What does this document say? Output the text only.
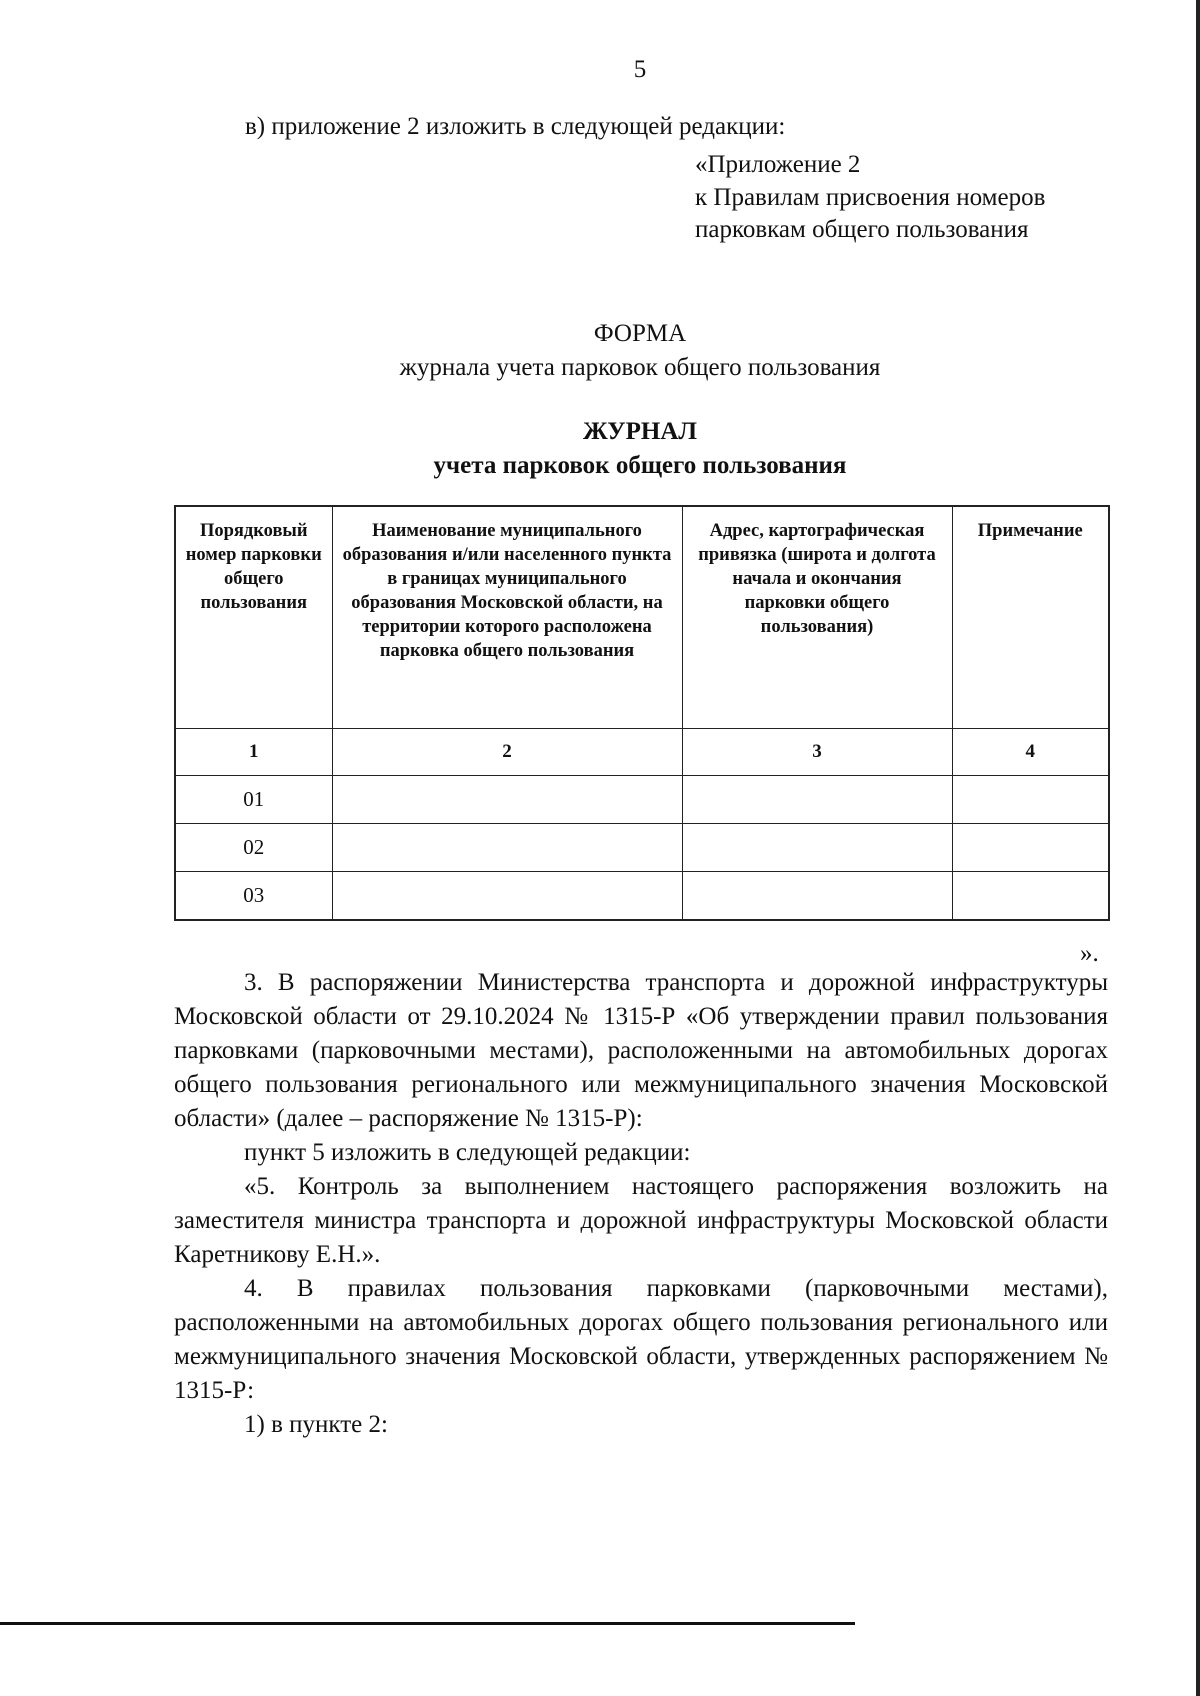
5
в) приложение 2 изложить в следующей редакции:
«Приложение 2
к Правилам присвоения номеров
парковкам общего пользования
ФОРМА
журнала учета парковок общего пользования
ЖУРНАЛ
учета парковок общего пользования
Порядковый номер парковки общего пользования	Наименование муниципального образования и/или населенного пункта в границах муниципального образования Московской области, на территории которого расположена парковка общего пользования	Адрес, картографическая привязка (широта и долгота начала и окончания парковки общего пользования)	Примечание
1	2	3	4
01			
02			
03			
».

3. В распоряжении Министерства транспорта и дорожной инфраструктуры Московской области от 29.10.2024 № 1315-Р «Об утверждении правил пользования парковками (парковочными местами), расположенными на автомобильных дорогах общего пользования регионального или межмуниципального значения Московской области» (далее – распоряжение № 1315-Р):

пункт 5 изложить в следующей редакции:

«5. Контроль за выполнением настоящего распоряжения возложить на заместителя министра транспорта и дорожной инфраструктуры Московской области Каретникову Е.Н.».

4. В правилах пользования парковками (парковочными местами), расположенными на автомобильных дорогах общего пользования регионального или межмуниципального значения Московской области, утвержденных распоряжением № 1315-Р:

1) в пункте 2:
